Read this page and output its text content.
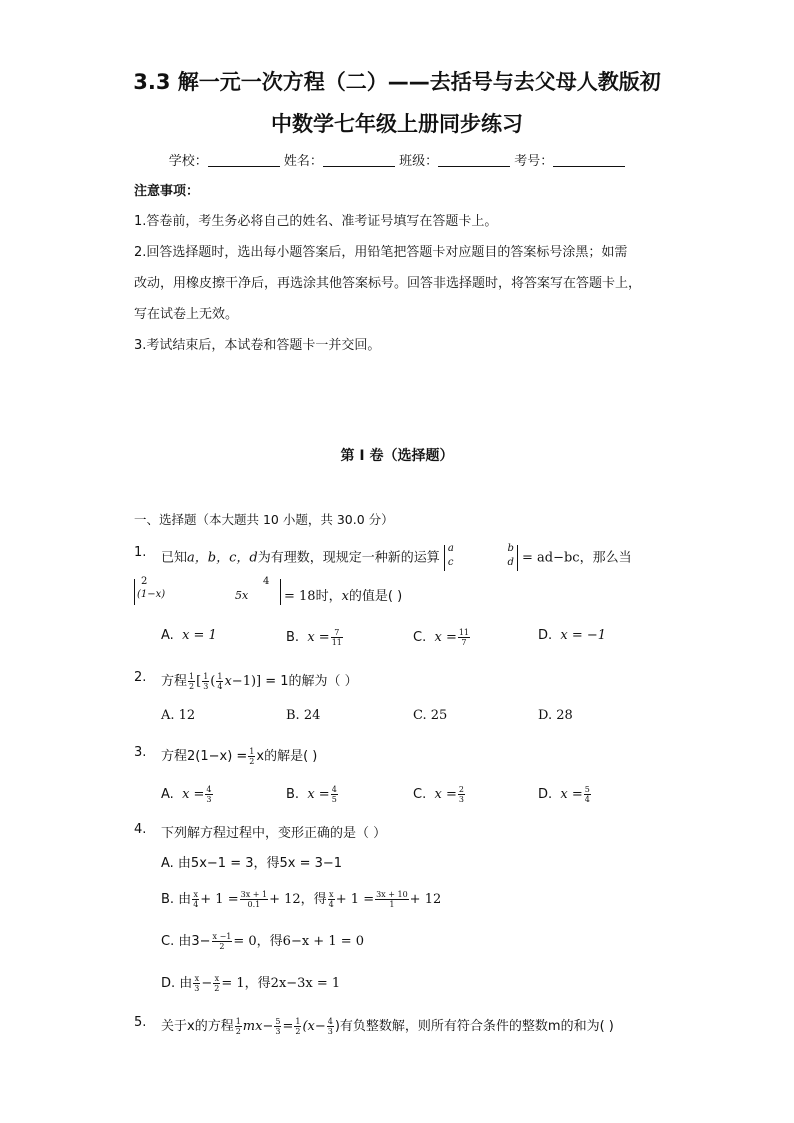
3.3 解一元一次方程（二）——去括号与去父母人教版初
中数学七年级上册同步练习
学校：	姓名：	班级：	考号：
注意事项：
1.答卷前，考生务必将自己的姓名、准考证号填写在答题卡上。
2.回答选择题时，选出每小题答案后，用铅笔把答题卡对应题目的答案标号涂黑；如需
改动，用橡皮擦干净后，再选涂其他答案标号。回答非选择题时，将答案写在答题卡上，
写在试卷上无效。
3.考试结束后，本试卷和答题卡一并交回。
第 I 卷（选择题）
一、选择题（本大题共 10 小题，共 30.0 分）
1.	已知a，b，c，d为有理数，现规定一种新的运算
a
c
b
d = ad−bc，那么当
2
(1−x)
4
5x	= 18时，x的值是( )
A. x = 1	B. $x = \frac{7}{11}$	C. $x = \frac{11}{7}$	D. x = −1
2.	方程 $\frac{1}{2}$ [ $\frac{1}{3}$ ( $\frac{1}{4} x-1)] = 1$的解为（ ）
A. 12	B. 24	C. 25	D. 28
3.	方程$2(1-x) = \frac{1}{2}$ x的解是( )
A. $x = \frac{4}{3}$	B. $x = \frac{4}{5}$	C. $x = \frac{2}{3}$	D. $x = \frac{5}{4}$
4.	下列解方程过程中，变形正确的是（ ）
A. 由5x−1 = 3，得5x = 3−1
B. 由 $\frac{x}{4} + 1 = \frac{3x + 1}{0.1} + 12$，得 $\frac{x}{4} + 1 = \frac{3x + 10}{1} + 12$
C. 由$3- \frac{x -1}{2} = 0$，得6−x + 1 = 0
D. 由 $\frac{x}{3} - \frac{x}{2} = 1$，得2x−3x = 1
5.	关于x的方程 $\frac{1}{2} mx- \frac{5}{3} = \frac{1}{2} (x- \frac{4}{3}$ )有负整数解，则所有符合条件的整数m的和为( )
